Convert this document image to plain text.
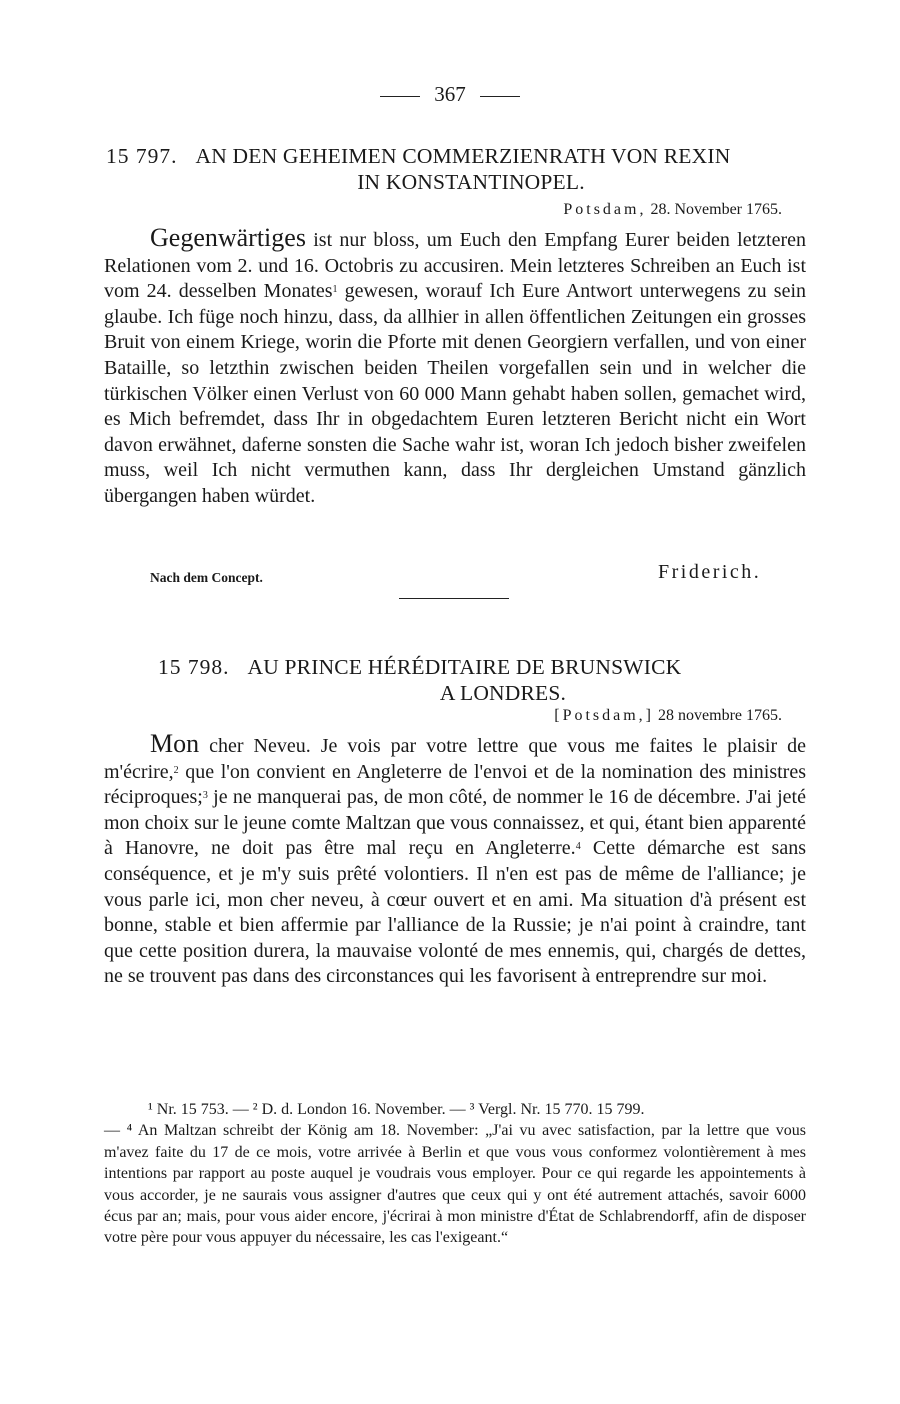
367
15 797. AN DEN GEHEIMEN COMMERZIENRATH VON REXIN
IN KONSTANTINOPEL.
Potsdam, 28. November 1765.

Gegenwärtiges ist nur bloss, um Euch den Empfang Eurer beiden letzteren Relationen vom 2. und 16. Octobris zu accusiren. Mein letzteres Schreiben an Euch ist vom 24. desselben Monates$^1$ gewesen, worauf Ich Eure Antwort unterwegens zu sein glaube. Ich füge noch hinzu, dass, da allhier in allen öffentlichen Zeitungen ein grosses Bruit von einem Kriege, worin die Pforte mit denen Georgiern verfallen, und von einer Bataille, so letzthin zwischen beiden Theilen vorgefallen sein und in welcher die türkischen Völker einen Verlust von 60 000 Mann gehabt haben sollen, gemachet wird, es Mich befremdet, dass Ihr in obgedachtem Euren letzteren Bericht nicht ein Wort davon erwähnet, daferne sonsten die Sache wahr ist, woran Ich jedoch bisher zweifelen muss, weil Ich nicht vermuthen kann, dass Ihr dergleichen Umstand gänzlich übergangen haben würdet.

Nach dem Concept.	Friderich.
15 798. AU PRINCE HÉRÉDITAIRE DE BRUNSWICK
A LONDRES.
[Potsdam,] 28 novembre 1765.

Mon cher Neveu. Je vois par votre lettre que vous me faites le plaisir de m'écrire,$^2$ que l'on convient en Angleterre de l'envoi et de la nomination des ministres réciproques;$^3$ je ne manquerai pas, de mon côté, de nommer le 16 de décembre. J'ai jeté mon choix sur le jeune comte Maltzan que vous connaissez, et qui, étant bien apparenté à Hanovre, ne doit pas être mal reçu en Angleterre.$^4$ Cette démarche est sans conséquence, et je m'y suis prêté volontiers. Il n'en est pas de même de l'alliance; je vous parle ici, mon cher neveu, à cœur ouvert et en ami. Ma situation d'à présent est bonne, stable et bien affermie par l'alliance de la Russie; je n'ai point à craindre, tant que cette position durera, la mauvaise volonté de mes ennemis, qui, chargés de dettes, ne se trouvent pas dans des circonstances qui les favorisent à entreprendre sur moi.

¹ Nr. 15 753. — ² D. d. London 16. November. — ³ Vergl. Nr. 15 770. 15 799.

— ⁴ An Maltzan schreibt der König am 18. November: „J'ai vu avec satisfaction, par la lettre que vous m'avez faite du 17 de ce mois, votre arrivée à Berlin et que vous vous conformez volontièrement à mes intentions par rapport au poste auquel je voudrais vous employer. Pour ce qui regarde les appointements à vous accorder, je ne saurais vous assigner d'autres que ceux qui y ont été autrement attachés, savoir 6000 écus par an; mais, pour vous aider encore, j'écrirai à mon ministre d'État de Schlabrendorff, afin de disposer votre père pour vous appuyer du nécessaire, les cas l'exigeant.“
